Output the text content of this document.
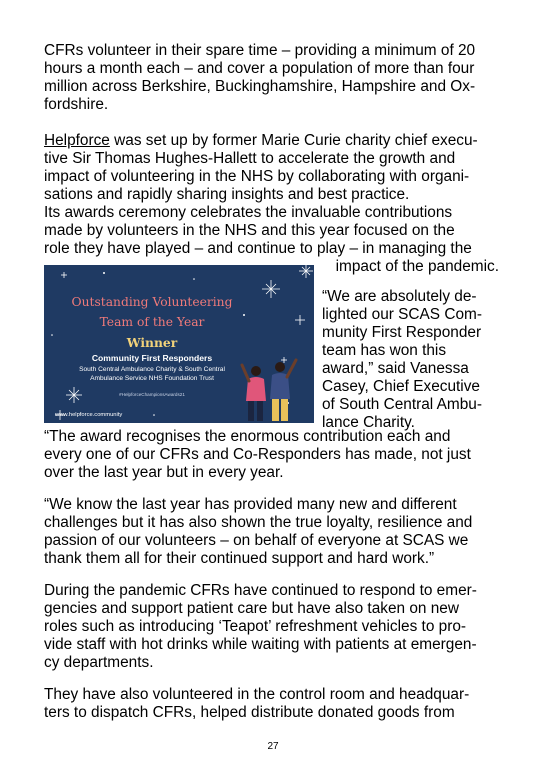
CFRs volunteer in their spare time – providing a minimum of 20
hours a month each – and cover a population of more than four
million across Berkshire, Buckinghamshire, Hampshire and Ox-
fordshire.

Helpforce was set up by former Marie Curie charity chief execu-
tive Sir Thomas Hughes-Hallett to accelerate the growth and
impact of volunteering in the NHS by collaborating with organi-
sations and rapidly sharing insights and best practice.
Its awards ceremony celebrates the invaluable contributions
made by volunteers in the NHS and this year focused on the
role they have played – and continue to play – in managing the
impact of the pandemic.

Outstanding Volunteering

Team of the Year

Winner

Community First Responders

South Central Ambulance Charity & South Central

Ambulance Service NHS Foundation Trust

#HelpforceChampionsAwards21

www.helpforce.community

“We are absolutely de-
lighted our SCAS Com-
munity First Responder
team has won this
award,” said Vanessa
Casey, Chief Executive
of South Central Ambu-
lance Charity.

“The award recognises the enormous contribution each and
every one of our CFRs and Co-Responders has made, not just
over the last year but in every year.

“We know the last year has provided many new and different
challenges but it has also shown the true loyalty, resilience and
passion of our volunteers – on behalf of everyone at SCAS we
thank them all for their continued support and hard work.”

During the pandemic CFRs have continued to respond to emer-
gencies and support patient care but have also taken on new
roles such as introducing ‘Teapot’ refreshment vehicles to pro-
vide staff with hot drinks while waiting with patients at emergen-
cy departments.

They have also volunteered in the control room and headquar-
ters to dispatch CFRs, helped distribute donated goods from

27
